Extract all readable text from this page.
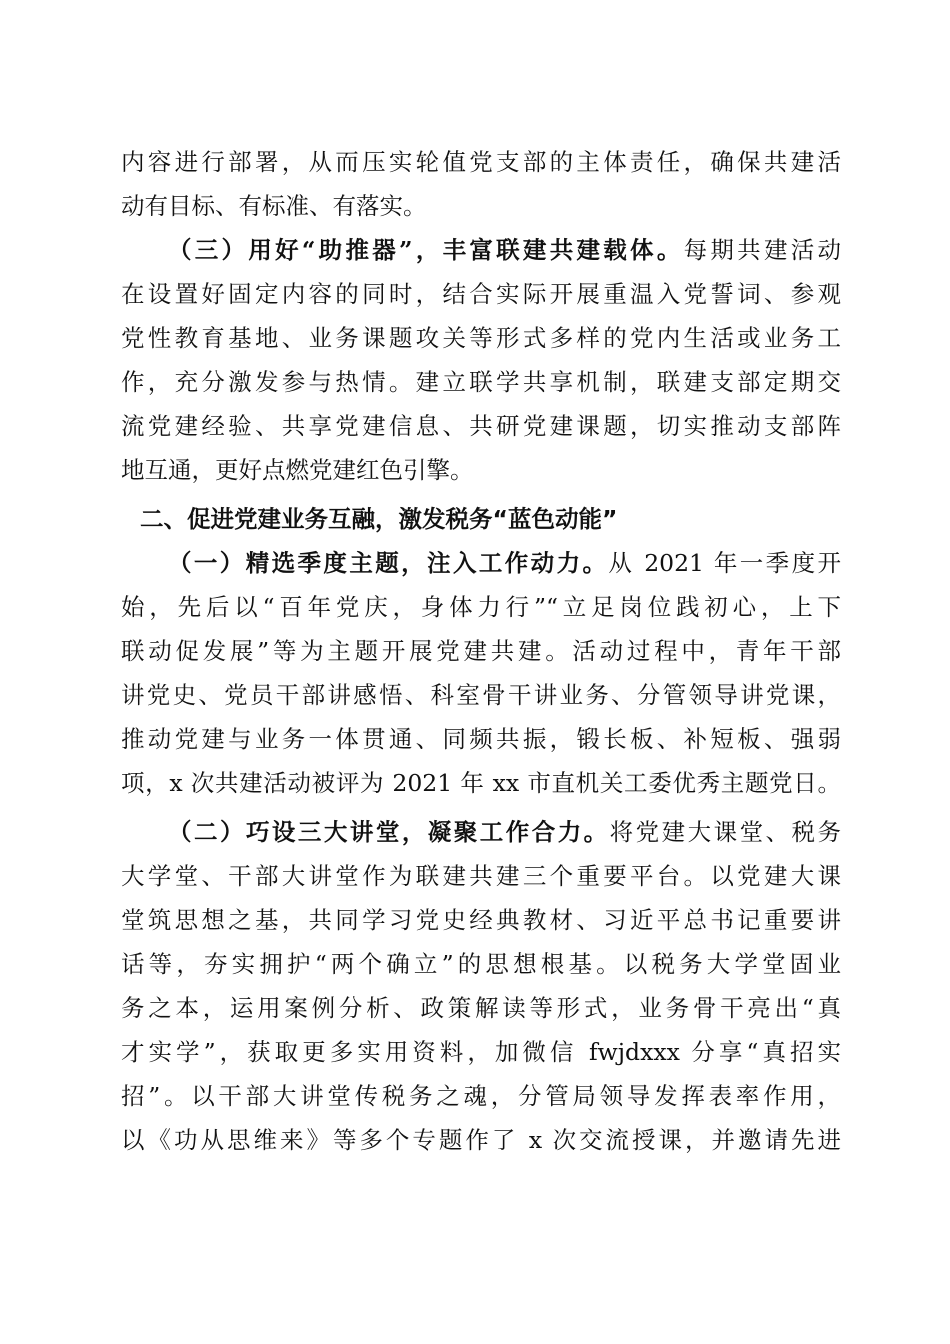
内容进行部署，从而压实轮值党支部的主体责任，确保共建活
动有目标、有标准、有落实。
（三）用好“助推器”，丰富联建共建载体。每期共建活动
在设置好固定内容的同时，结合实际开展重温入党誓词、参观
党性教育基地、业务课题攻关等形式多样的党内生活或业务工
作，充分激发参与热情。建立联学共享机制，联建支部定期交
流党建经验、共享党建信息、共研党建课题，切实推动支部阵
地互通，更好点燃党建红色引擎。
二、促进党建业务互融，激发税务“蓝色动能”
（一）精选季度主题，注入工作动力。从 2021 年一季度开
始，先后以“百年党庆，身体力行”“立足岗位践初心，上下
联动促发展”等为主题开展党建共建。活动过程中，青年干部
讲党史、党员干部讲感悟、科室骨干讲业务、分管领导讲党课，
推动党建与业务一体贯通、同频共振，锻长板、补短板、强弱
项，x 次共建活动被评为 2021 年 xx 市直机关工委优秀主题党日。
（二）巧设三大讲堂，凝聚工作合力。将党建大课堂、税务
大学堂、干部大讲堂作为联建共建三个重要平台。以党建大课
堂筑思想之基，共同学习党史经典教材、习近平总书记重要讲
话等，夯实拥护“两个确立”的思想根基。以税务大学堂固业
务之本，运用案例分析、政策解读等形式，业务骨干亮出“真
才实学”，获取更多实用资料，加微信 fwjdxxx 分享“真招实
招”。以干部大讲堂传税务之魂，分管局领导发挥表率作用，
以《功从思维来》等多个专题作了 x 次交流授课，并邀请先进
